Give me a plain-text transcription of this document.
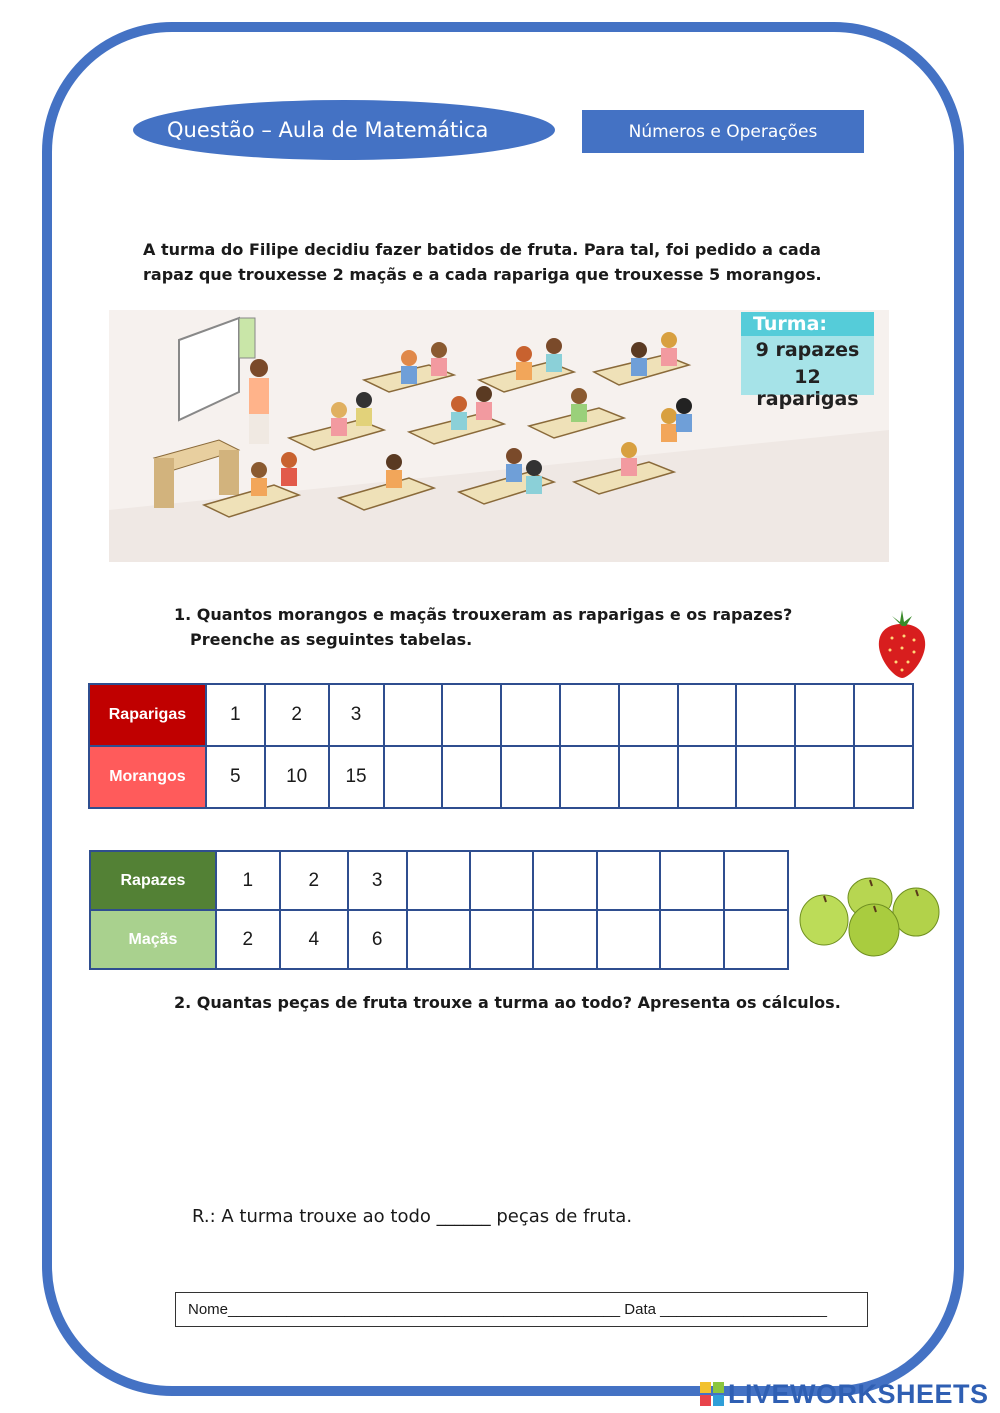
Questão – Aula de Matemática	Números e Operações
A turma do Filipe decidiu fazer batidos de fruta. Para tal, foi pedido a cada rapaz que trouxesse 2 maçãs e a cada rapariga que trouxesse 5 morangos.
Turma:
9 rapazes
12 raparigas
1. Quantos morangos e maçãs trouxeram as raparigas e os rapazes? Preenche as seguintes tabelas.
Raparigas	1	2	3									
Morangos	5	10	15									
Rapazes	1	2	3						
Maçãs	2	4	6						
2. Quantas peças de fruta trouxe a turma ao todo? Apresenta os cálculos.
R.: A turma trouxe ao todo ______ peças de fruta.
Nome_______________________________________________ Data ____________________
LIVEWORKSHEETS
